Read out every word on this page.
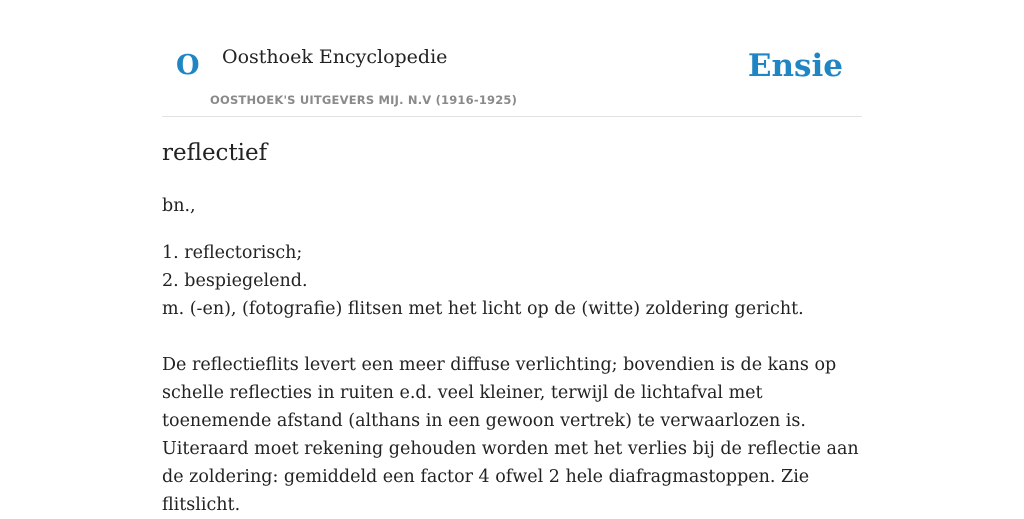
O Oosthoek Encyclopedie
OOSTHOEK'S UITGEVERS MIJ. N.V (1916-1925)
Ensie
reflectief

bn.,

1. reflectorisch;
2. bespiegelend.
m. (-en), (fotografie) flitsen met het licht op de (witte) zoldering gericht.

De reflectieflits levert een meer diffuse verlichting; bovendien is de kans op schelle reflecties in ruiten e.d. veel kleiner, terwijl de lichtafval met toenemende afstand (althans in een gewoon vertrek) te verwaarlozen is. Uiteraard moet rekening gehouden worden met het verlies bij de reflectie aan de zoldering: gemiddeld een factor 4 ofwel 2 hele diafragmastoppen. Zie flitslicht.
